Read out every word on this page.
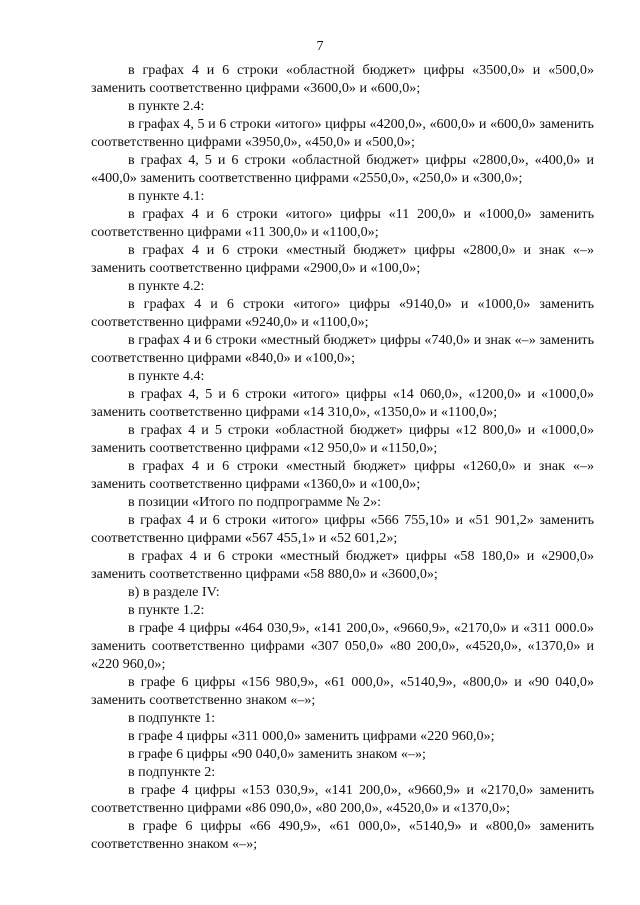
7

в графах 4 и 6 строки «областной бюджет» цифры «3500,0» и «500,0» заменить соответственно цифрами «3600,0» и «600,0»;

в пункте 2.4:

в графах 4, 5 и 6 строки «итого» цифры «4200,0», «600,0» и «600,0» заменить соответственно цифрами «3950,0», «450,0» и «500,0»;

в графах 4, 5 и 6 строки «областной бюджет» цифры «2800,0», «400,0» и «400,0» заменить соответственно цифрами «2550,0», «250,0» и «300,0»;

в пункте 4.1:

в графах 4 и 6 строки «итого» цифры «11 200,0» и «1000,0» заменить соответственно цифрами «11 300,0» и «1100,0»;

в графах 4 и 6 строки «местный бюджет» цифры «2800,0» и знак «–» заменить соответственно цифрами «2900,0» и «100,0»;

в пункте 4.2:

в графах 4 и 6 строки «итого» цифры «9140,0» и «1000,0» заменить соответственно цифрами «9240,0» и «1100,0»;

в графах 4 и 6 строки «местный бюджет» цифры «740,0» и знак «–» заменить соответственно цифрами «840,0» и «100,0»;

в пункте 4.4:

в графах 4, 5 и 6 строки «итого» цифры «14 060,0», «1200,0» и «1000,0» заменить соответственно цифрами «14 310,0», «1350,0» и «1100,0»;

в графах 4 и 5 строки «областной бюджет» цифры «12 800,0» и «1000,0» заменить соответственно цифрами «12 950,0» и «1150,0»;

в графах 4 и 6 строки «местный бюджет» цифры «1260,0» и знак «–» заменить соответственно цифрами «1360,0» и «100,0»;

в позиции «Итого по подпрограмме № 2»:

в графах 4 и 6 строки «итого» цифры «566 755,10» и «51 901,2» заменить соответственно цифрами «567 455,1» и «52 601,2»;

в графах 4 и 6 строки «местный бюджет» цифры «58 180,0» и «2900,0» заменить соответственно цифрами «58 880,0» и «3600,0»;

в) в разделе IV:

в пункте 1.2:

в графе 4 цифры «464 030,9», «141 200,0», «9660,9», «2170,0» и «311 000.0» заменить соответственно цифрами «307 050,0» «80 200,0», «4520,0», «1370,0» и «220 960,0»;

в графе 6 цифры «156 980,9», «61 000,0», «5140,9», «800,0» и «90 040,0» заменить соответственно знаком «–»;

в подпункте 1:

в графе 4 цифры «311 000,0» заменить цифрами «220 960,0»;

в графе 6 цифры «90 040,0» заменить знаком «–»;

в подпункте 2:

в графе 4 цифры «153 030,9», «141 200,0», «9660,9» и «2170,0» заменить соответственно цифрами «86 090,0», «80 200,0», «4520,0» и «1370,0»;

в графе 6 цифры «66 490,9», «61 000,0», «5140,9» и «800,0» заменить соответственно знаком «–»;
